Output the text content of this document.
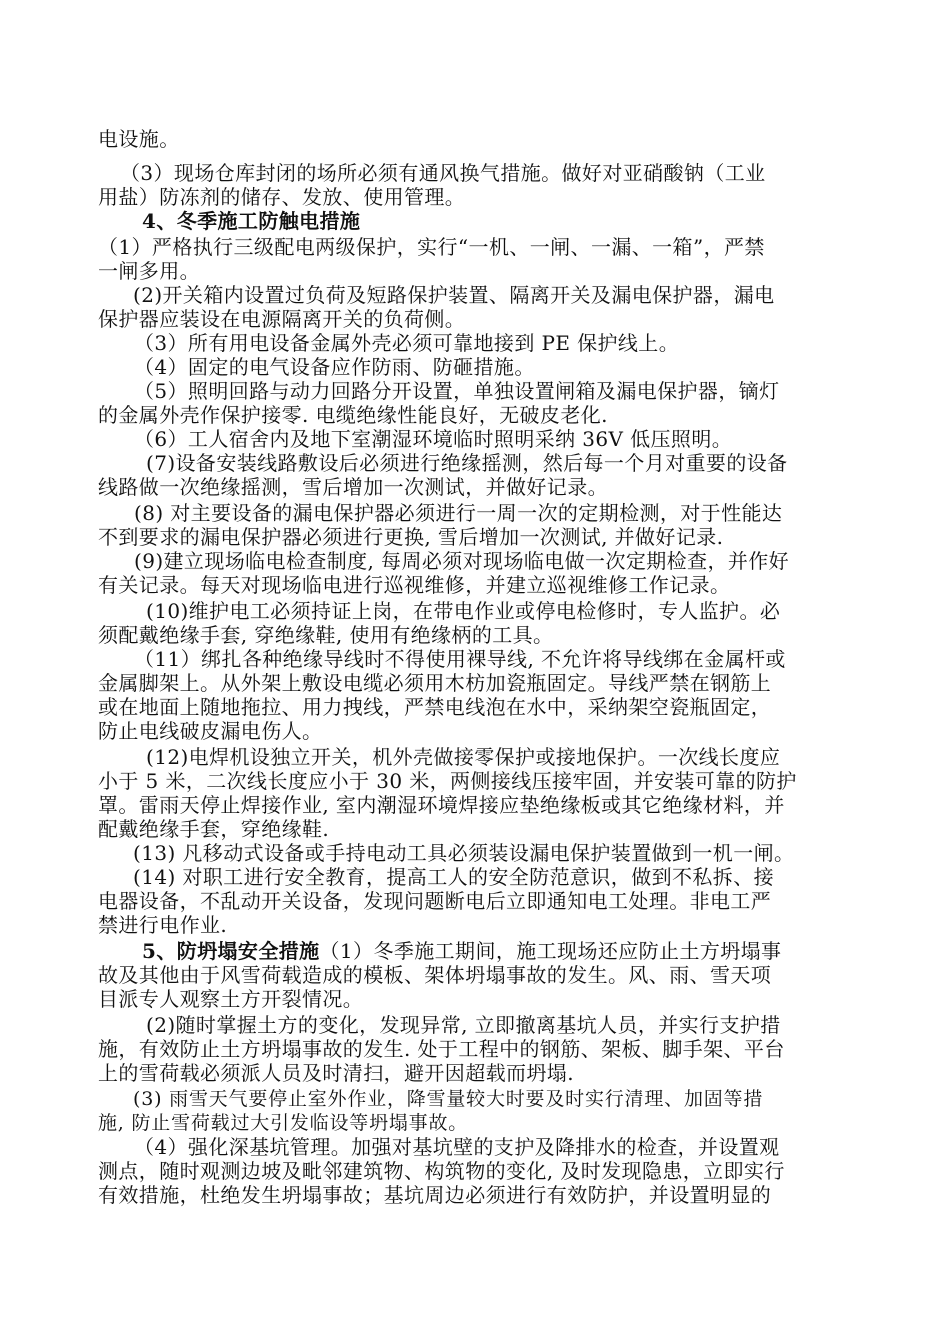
电设施。
（3）现场仓库封闭的场所必须有通风换气措施。做好对亚硝酸钠（工业
用盐）防冻剂的储存、发放、使用管理。
4、冬季施工防触电措施
（1）严格执行三级配电两级保护，实行“一机、一闸、一漏、一箱”，严禁
一闸多用。
(2)开关箱内设置过负荷及短路保护装置、隔离开关及漏电保护器，漏电
保护器应装设在电源隔离开关的负荷侧。
（3）所有用电设备金属外壳必须可靠地接到 PE 保护线上。
（4）固定的电气设备应作防雨、防砸措施。
（5）照明回路与动力回路分开设置，单独设置闸箱及漏电保护器，镝灯
的金属外壳作保护接零. 电缆绝缘性能良好，无破皮老化.
（6）工人宿舍内及地下室潮湿环境临时照明采纳 36V 低压照明。
(7)设备安装线路敷设后必须进行绝缘摇测，然后每一个月对重要的设备
线路做一次绝缘摇测，雪后增加一次测试，并做好记录。
(8) 对主要设备的漏电保护器必须进行一周一次的定期检测，对于性能达
不到要求的漏电保护器必须进行更换, 雪后增加一次测试, 并做好记录.
(9)建立现场临电检查制度, 每周必须对现场临电做一次定期检查，并作好
有关记录。每天对现场临电进行巡视维修，并建立巡视维修工作记录。
(10)维护电工必须持证上岗，在带电作业或停电检修时，专人监护。必
须配戴绝缘手套, 穿绝缘鞋, 使用有绝缘柄的工具。
（11）绑扎各种绝缘导线时不得使用裸导线, 不允许将导线绑在金属杆或
金属脚架上。从外架上敷设电缆必须用木枋加瓷瓶固定。导线严禁在钢筋上
或在地面上随地拖拉、用力拽线，严禁电线泡在水中，采纳架空瓷瓶固定，
防止电线破皮漏电伤人。
(12)电焊机设独立开关，机外壳做接零保护或接地保护。一次线长度应
小于 5 米，二次线长度应小于 30 米，两侧接线压接牢固，并安装可靠的防护
罩。雷雨天停止焊接作业, 室内潮湿环境焊接应垫绝缘板或其它绝缘材料，并
配戴绝缘手套，穿绝缘鞋.
(13) 凡移动式设备或手持电动工具必须装设漏电保护装置做到一机一闸。
(14) 对职工进行安全教育，提高工人的安全防范意识，做到不私拆、接
电器设备，不乱动开关设备，发现问题断电后立即通知电工处理。非电工严
禁进行电作业.
5、防坍塌安全措施（1）冬季施工期间，施工现场还应防止土方坍塌事
故及其他由于风雪荷载造成的模板、架体坍塌事故的发生。风、雨、雪天项
目派专人观察土方开裂情况。
(2)随时掌握土方的变化，发现异常, 立即撤离基坑人员，并实行支护措
施，有效防止土方坍塌事故的发生. 处于工程中的钢筋、架板、脚手架、平台
上的雪荷载必须派人员及时清扫，避开因超载而坍塌.
(3) 雨雪天气要停止室外作业，降雪量较大时要及时实行清理、加固等措
施, 防止雪荷载过大引发临设等坍塌事故。
（4）强化深基坑管理。加强对基坑壁的支护及降排水的检查，并设置观
测点，随时观测边坡及毗邻建筑物、构筑物的变化, 及时发现隐患，立即实行
有效措施，杜绝发生坍塌事故；基坑周边必须进行有效防护，并设置明显的
